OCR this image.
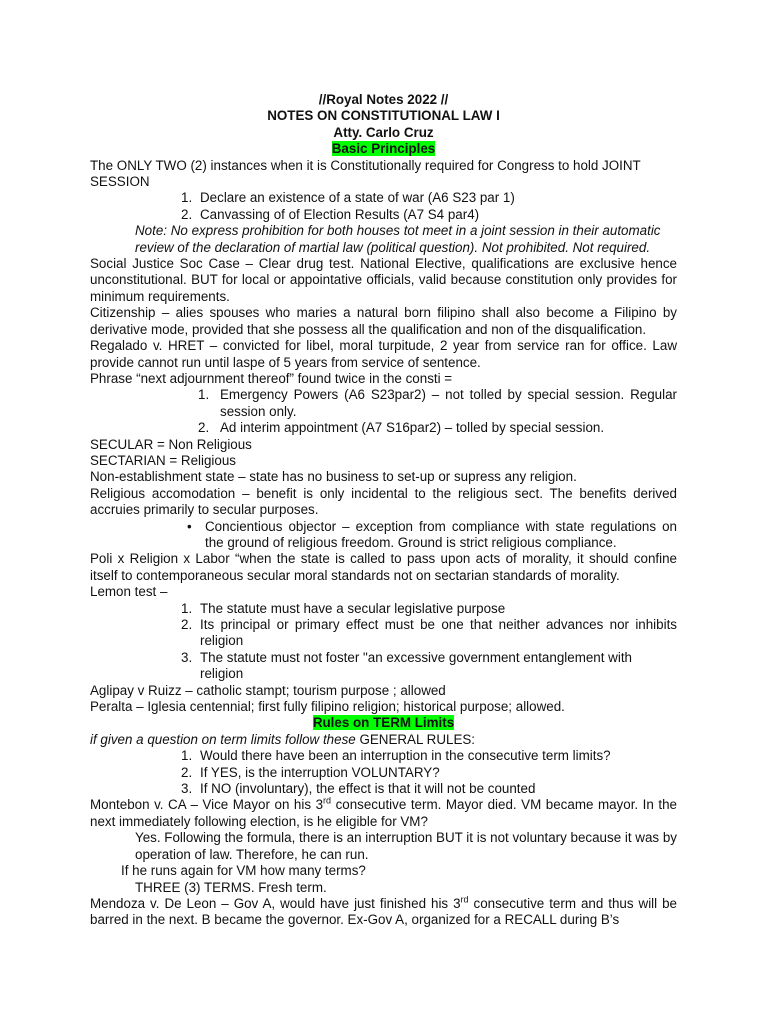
//Royal Notes 2022 //
NOTES ON CONSTITUTIONAL LAW I
Atty. Carlo Cruz
Basic Principles
The ONLY TWO (2) instances when it is Constitutionally required for Congress to hold JOINT SESSION
1. Declare an existence of a state of war (A6 S23 par 1)
2. Canvassing of of Election Results (A7 S4 par4)
Note: No express prohibition for both houses tot meet in a joint session in their automatic review of the declaration of martial law (political question). Not prohibited. Not required.
Social Justice Soc Case – Clear drug test. National Elective, qualifications are exclusive hence unconstitutional. BUT for local or appointative officials, valid because constitution only provides for minimum requirements.
Citizenship – alies spouses who maries a natural born filipino shall also become a Filipino by derivative mode, provided that she possess all the qualification and non of the disqualification.
Regalado v. HRET – convicted for libel, moral turpitude, 2 year from service ran for office. Law provide cannot run until laspe of 5 years from service of sentence.
Phrase “next adjournment thereof” found twice in the consti =
1. Emergency Powers (A6 S23par2) – not tolled by special session. Regular session only.
2. Ad interim appointment (A7 S16par2) – tolled by special session.
SECULAR = Non Religious
SECTARIAN = Religious
Non-establishment state – state has no business to set-up or supress any religion.
Religious accomodation – benefit is only incidental to the religious sect. The benefits derived accruies primarily to secular purposes.
• Concientious objector – exception from compliance with state regulations on the ground of religious freedom. Ground is strict religious compliance.
Poli x Religion x Labor “when the state is called to pass upon acts of morality, it should confine itself to contemporaneous secular moral standards not on sectarian standards of morality.
Lemon test –
1. The statute must have a secular legislative purpose
2. Its principal or primary effect must be one that neither advances nor inhibits religion
3. The statute must not foster "an excessive government entanglement with religion
Aglipay v Ruizz – catholic stampt; tourism purpose ; allowed
Peralta – Iglesia centennial; first fully filipino religion; historical purpose; allowed.
Rules on TERM Limits
if given a question on term limits follow these GENERAL RULES:
1. Would there have been an interruption in the consecutive term limits?
2. If YES, is the interruption VOLUNTARY?
3. If NO (involuntary), the effect is that it will not be counted
Montebon v. CA – Vice Mayor on his 3rd consecutive term. Mayor died. VM became mayor. In the next immediately following election, is he eligible for VM?
Yes. Following the formula, there is an interruption BUT it is not voluntary because it was by operation of law. Therefore, he can run.
If he runs again for VM how many terms?
THREE (3) TERMS. Fresh term.
Mendoza v. De Leon – Gov A, would have just finished his 3rd consecutive term and thus will be barred in the next. B became the governor. Ex-Gov A, organized for a RECALL during B’s
